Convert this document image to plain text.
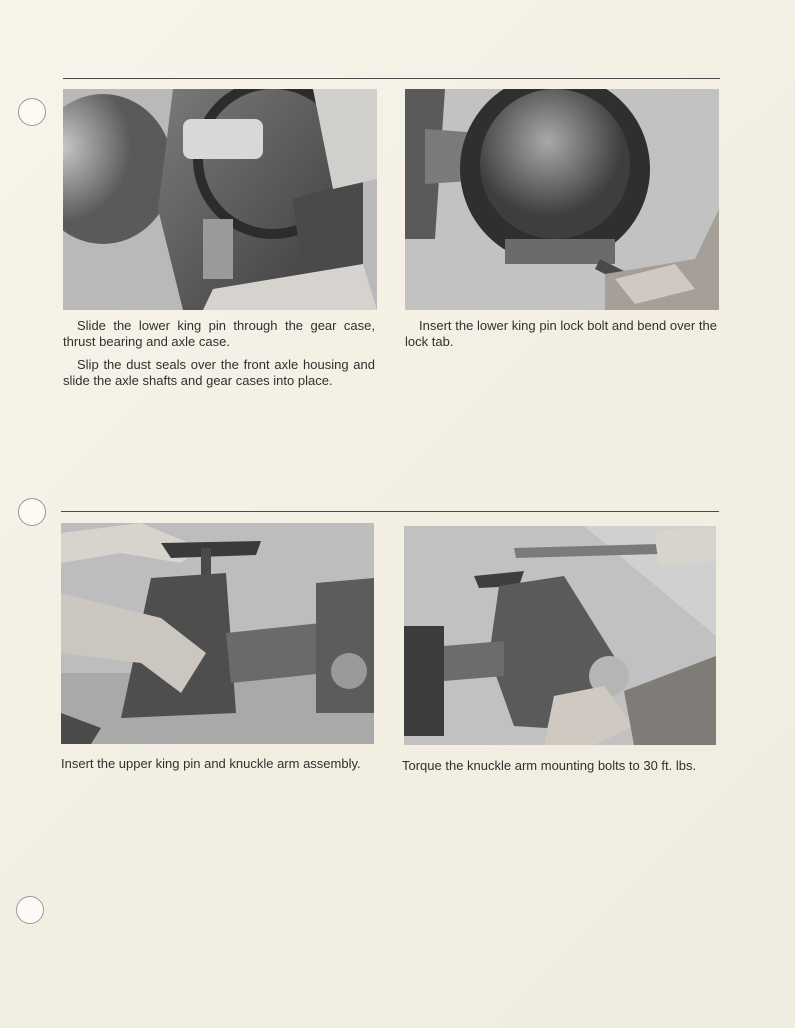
Slide the lower king pin through the gear case, thrust bearing and axle case.

Slip the dust seals over the front axle housing and slide the axle shafts and gear cases into place.

Insert the lower king pin lock bolt and bend over the lock tab.

Insert the upper king pin and knuckle arm assembly.	Torque the knuckle arm mounting bolts to 30 ft. lbs.
